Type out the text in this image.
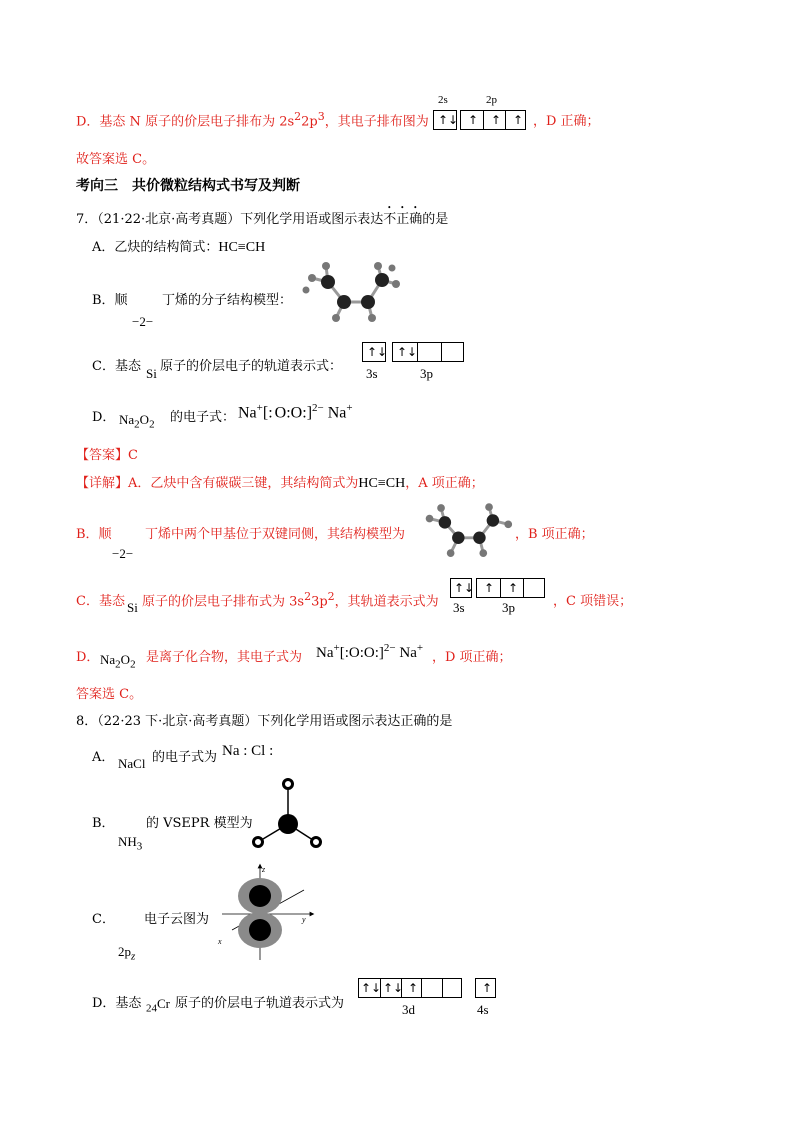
D．基态 N 原子的价层电子排布为 $2s^22p^3$，其电子排布图为
2s	2p
↑↓ ↑ ↑ ↑ ，D 正确；
故答案选 C。
考向三　共价微粒结构式书写及判断
7．（21·22·北京·高考真题）下列化学用语或图示表达不正确的是
A．乙炔的结构简式：HC≡CH
B．顺	丁烯的分子结构模型：
−2−
C．基态 Si 原子的价层电子的轨道表示式：
↑↓ ↑↓
3s	3p
D． $Na_2O_2$ 的电子式： Na+[:O:O:]$^{2-}$ Na+
【答案】C
【详解】A．乙炔中含有碳碳三键，其结构简式为HC≡CH，A 项正确；
B．顺	丁烯中两个甲基位于双键同侧，其结构模型为
−2−
，B 项正确；
C．基态 Si 原子的价层电子排布式为 $3s^23p^2$，其轨道表示式为
↑↓ ↑ ↑
3s	3p	，C 项错误；
D． $Na_2O_2$ 是离子化合物，其电子式为 Na+[:O:O:]$^{2-}$ Na+
，D 项正确；
答案选 C。
8．（22·23 下·北京·高考真题）下列化学用语或图示表达正确的是
A． NaCl 的电子式为 Na : Cl :
B． 的 VSEPR 模型为
$NH_3$
C． 电子云图为
$2p_z$
z
y
x
D．基态 $_{24}$Cr 原子的价层电子轨道表示式为
↑↓ ↑↓ ↑	↑
3d	4s
